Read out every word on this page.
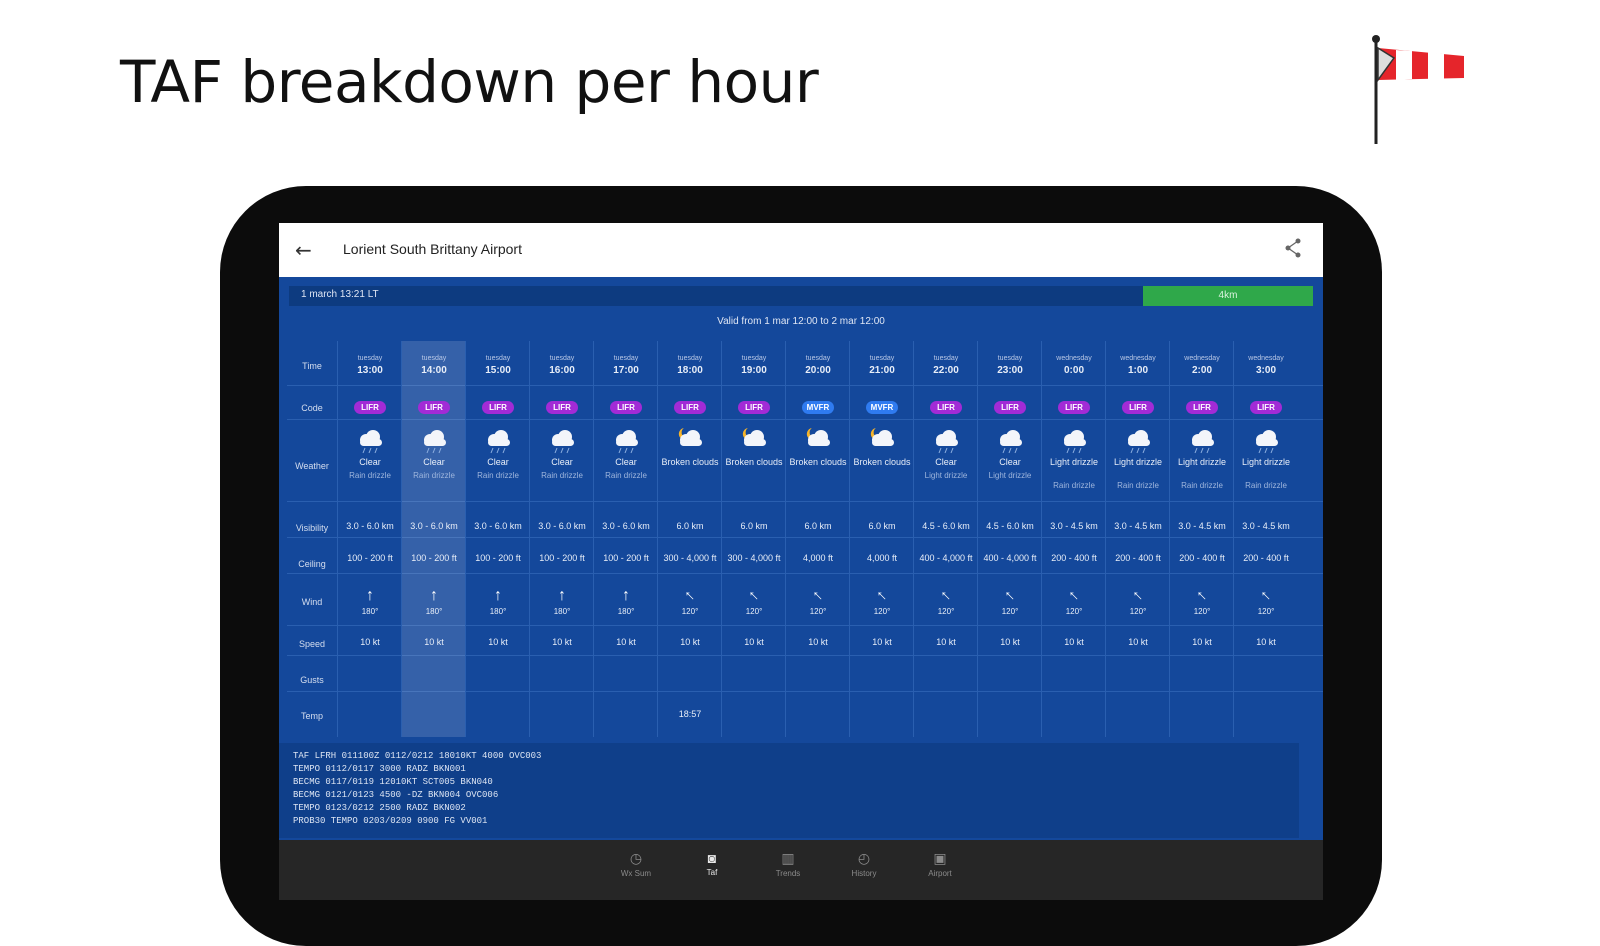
TAF breakdown per hour
← Lorient South Brittany Airport
1 march 13:21 LT	4km
Valid from 1 mar 12:00 to 2 mar 12:00
Time
Code
Weather
Visibility
Ceiling
Wind
Speed
Gusts
Temp
tuesday
13:00
LIFR
Clear
Rain drizzle
3.0 - 6.0 km
100 - 200 ft
↑
180°
10 kt
tuesday
14:00
LIFR
Clear
Rain drizzle
3.0 - 6.0 km
100 - 200 ft
↑
180°
10 kt
tuesday
15:00
LIFR
Clear
Rain drizzle
3.0 - 6.0 km
100 - 200 ft
↑
180°
10 kt
tuesday
16:00
LIFR
Clear
Rain drizzle
3.0 - 6.0 km
100 - 200 ft
↑
180°
10 kt
tuesday
17:00
LIFR
Clear
Rain drizzle
3.0 - 6.0 km
100 - 200 ft
↑
180°
10 kt
tuesday
18:00
LIFR
Broken clouds
6.0 km
300 - 4,000 ft
↑
120°
10 kt
18:57
tuesday
19:00
LIFR
Broken clouds
6.0 km
300 - 4,000 ft
↑
120°
10 kt
tuesday
20:00
MVFR
Broken clouds
6.0 km
4,000 ft
↑
120°
10 kt
tuesday
21:00
MVFR
Broken clouds
6.0 km
4,000 ft
↑
120°
10 kt
tuesday
22:00
LIFR
Clear
Light drizzle
4.5 - 6.0 km
400 - 4,000 ft
↑
120°
10 kt
tuesday
23:00
LIFR
Clear
Light drizzle
4.5 - 6.0 km
400 - 4,000 ft
↑
120°
10 kt
wednesday
0:00
LIFR
Light drizzle
Rain drizzle
3.0 - 4.5 km
200 - 400 ft
↑
120°
10 kt
wednesday
1:00
LIFR
Light drizzle
Rain drizzle
3.0 - 4.5 km
200 - 400 ft
↑
120°
10 kt
wednesday
2:00
LIFR
Light drizzle
Rain drizzle
3.0 - 4.5 km
200 - 400 ft
↑
120°
10 kt
wednesday
3:00
LIFR
Light drizzle
Rain drizzle
3.0 - 4.5 km
200 - 400 ft
↑
120°
10 kt
TAF LFRH 011100Z 0112/0212 18010KT 4000 OVC003
TEMPO 0112/0117 3000 RADZ BKN001
BECMG 0117/0119 12010KT SCT005 BKN040
BECMG 0121/0123 4500 -DZ BKN004 OVC006
TEMPO 0123/0212 2500 RADZ BKN002
PROB30 TEMPO 0203/0209 0900 FG VV001
◷
Wx Sum
◙
Taf
▥
Trends
◴
History
▣
Airport
